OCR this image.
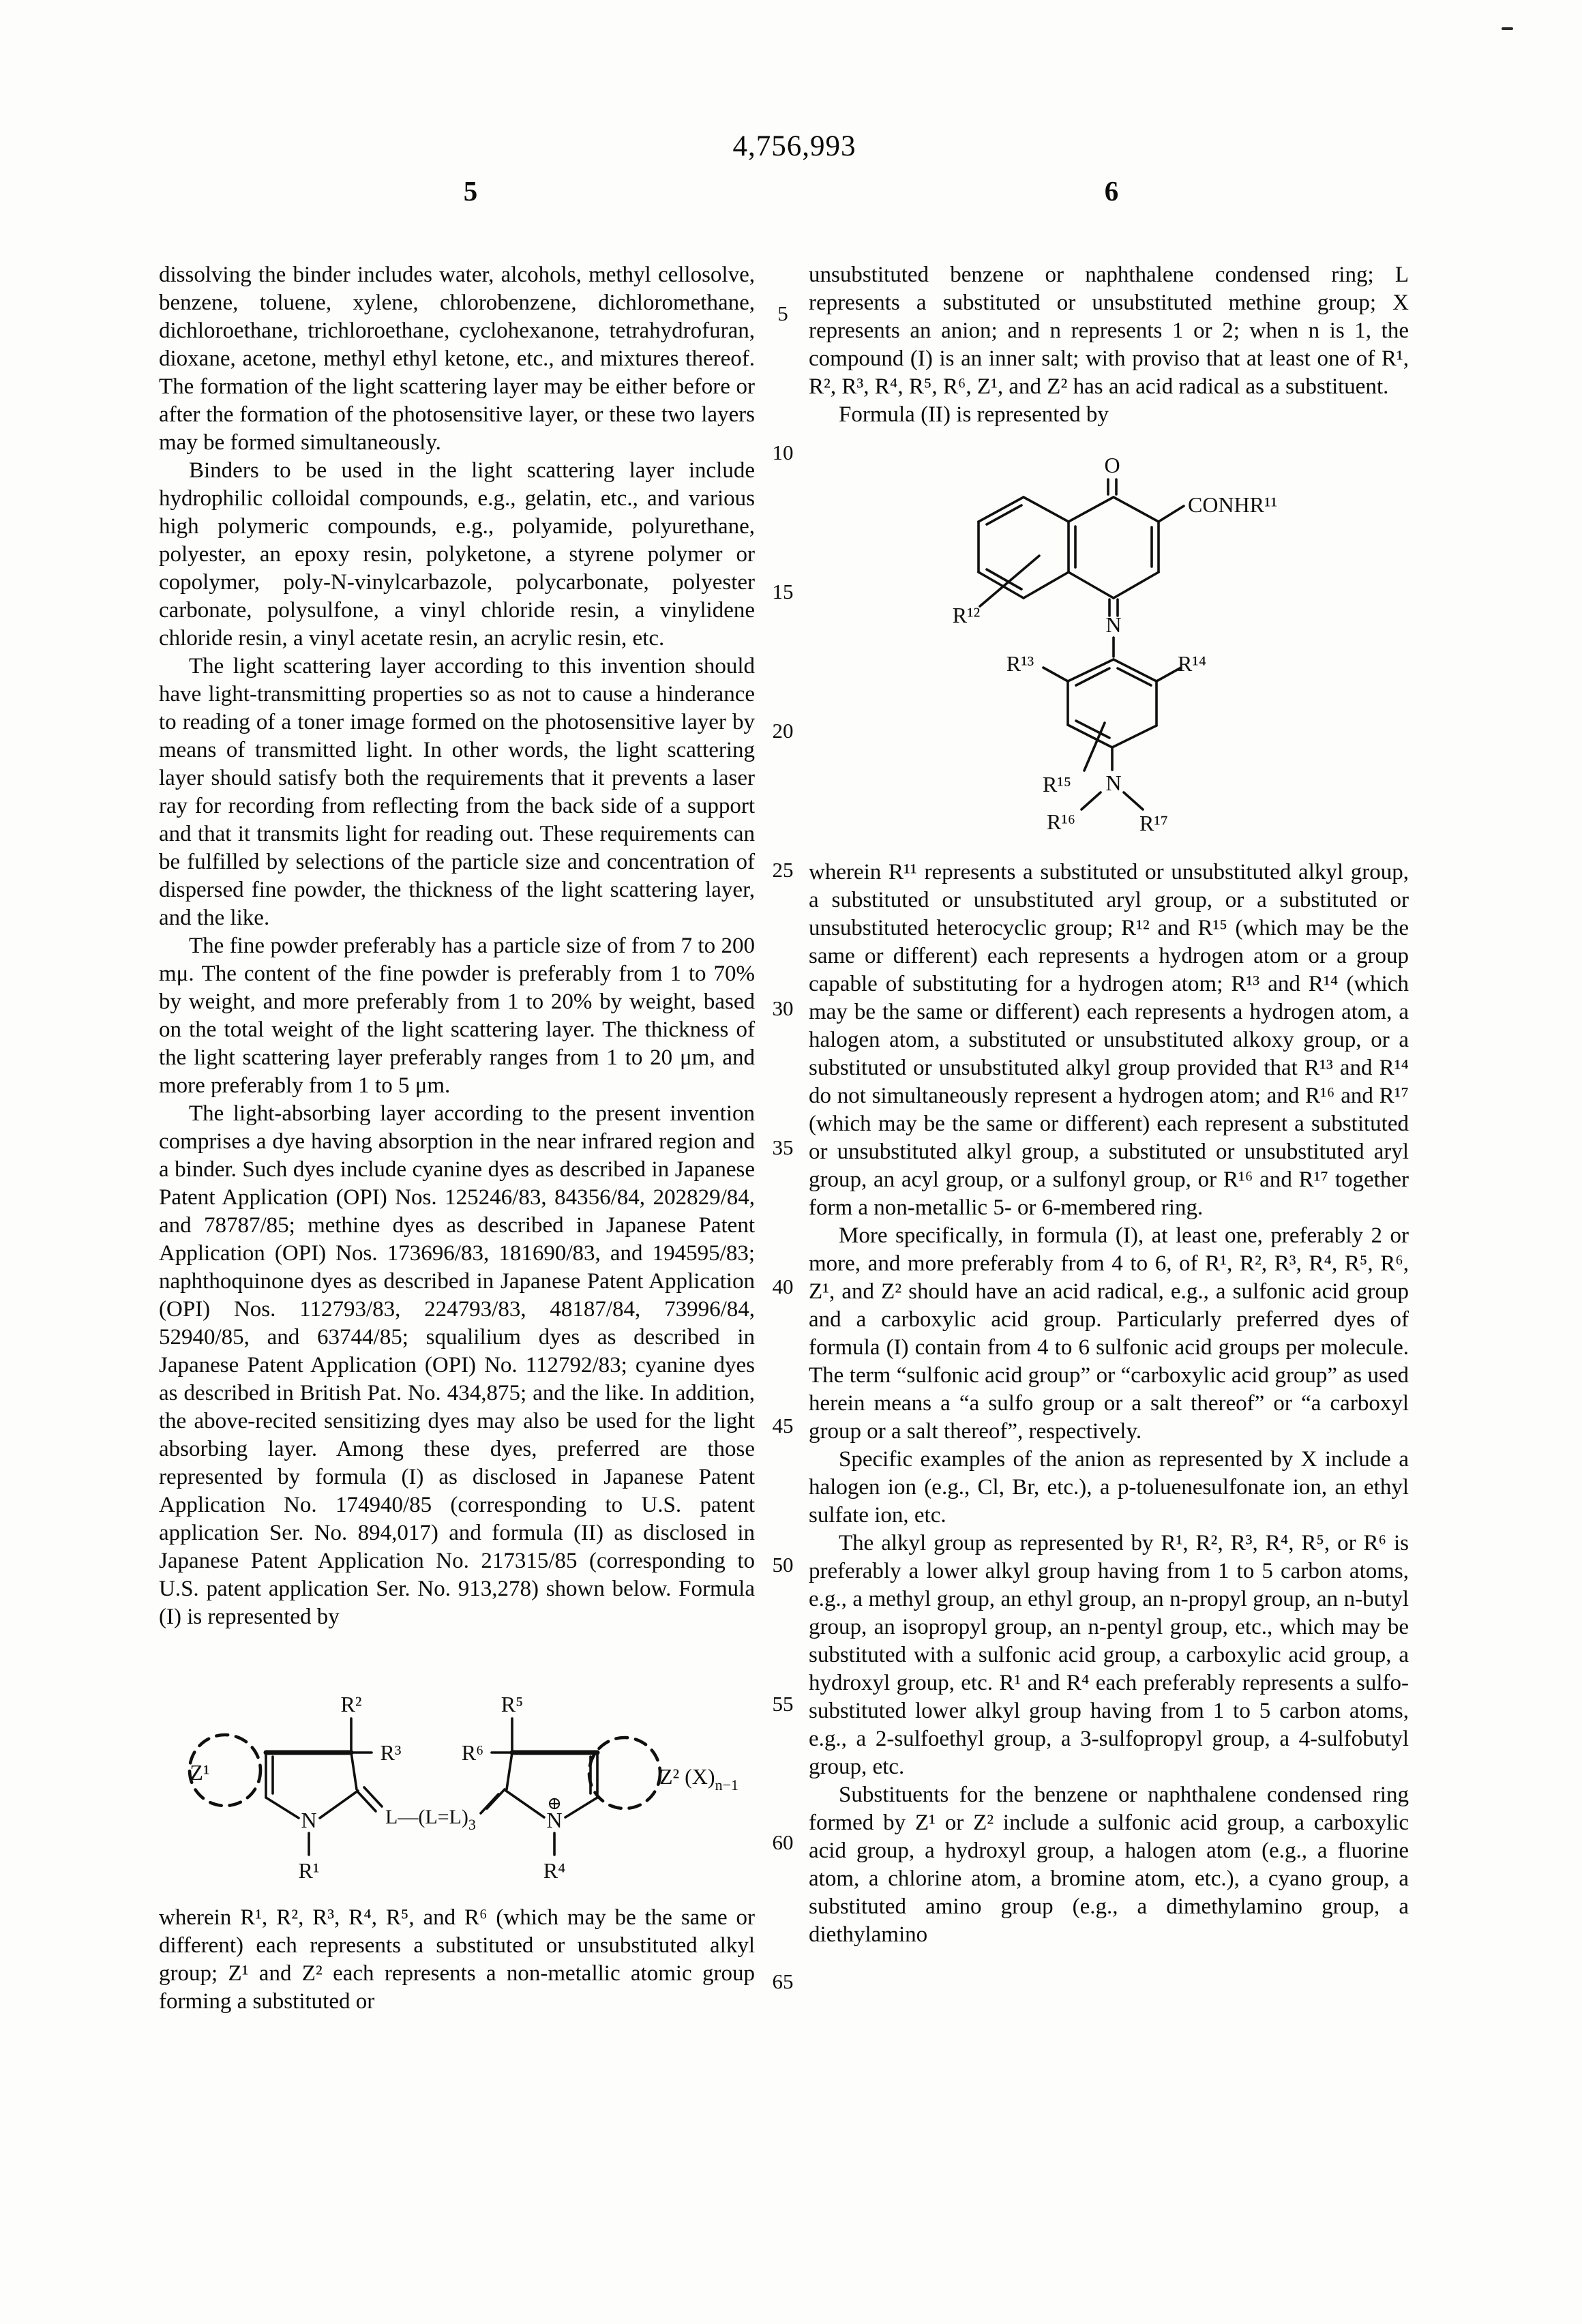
4,756,993
5	6
5
10
15
20
25
30
35
40
45
50
55
60
65

dissolving the binder includes water, alcohols, methyl cellosolve, benzene, toluene, xylene, chlorobenzene, dichloromethane, dichloroethane, trichloroethane, cyclohexanone, tetrahydrofuran, dioxane, acetone, methyl ethyl ketone, etc., and mixtures thereof. The formation of the light scattering layer may be either before or after the formation of the photosensitive layer, or these two layers may be formed simultaneously.

Binders to be used in the light scattering layer include hydrophilic colloidal compounds, e.g., gelatin, etc., and various high polymeric compounds, e.g., polyamide, polyurethane, polyester, an epoxy resin, polyketone, a styrene polymer or copolymer, poly-N-vinylcarbazole, polycarbonate, polyester carbonate, polysulfone, a vinyl chloride resin, a vinylidene chloride resin, a vinyl acetate resin, an acrylic resin, etc.

The light scattering layer according to this invention should have light-transmitting properties so as not to cause a hinderance to reading of a toner image formed on the photosensitive layer by means of transmitted light. In other words, the light scattering layer should satisfy both the requirements that it prevents a laser ray for recording from reflecting from the back side of a support and that it transmits light for reading out. These requirements can be fulfilled by selections of the particle size and concentration of dispersed fine powder, the thickness of the light scattering layer, and the like.

The fine powder preferably has a particle size of from 7 to 200 mμ. The content of the fine powder is preferably from 1 to 70% by weight, and more preferably from 1 to 20% by weight, based on the total weight of the light scattering layer. The thickness of the light scattering layer preferably ranges from 1 to 20 μm, and more preferably from 1 to 5 μm.

The light-absorbing layer according to the present invention comprises a dye having absorption in the near infrared region and a binder. Such dyes include cyanine dyes as described in Japanese Patent Application (OPI) Nos. 125246/83, 84356/84, 202829/84, and 78787/85; methine dyes as described in Japanese Patent Application (OPI) Nos. 173696/83, 181690/83, and 194595/83; naphthoquinone dyes as described in Japanese Patent Application (OPI) Nos. 112793/83, 224793/83, 48187/84, 73996/84, 52940/85, and 63744/85; squalilium dyes as described in Japanese Patent Application (OPI) No. 112792/83; cyanine dyes as described in British Pat. No. 434,875; and the like. In addition, the above-recited sensitizing dyes may also be used for the light absorbing layer. Among these dyes, preferred are those represented by formula (I) as disclosed in Japanese Patent Application No. 174940/85 (corresponding to U.S. patent application Ser. No. 894,017) and formula (II) as disclosed in Japanese Patent Application No. 217315/85 (corresponding to U.S. patent application Ser. No. 913,278) shown below. Formula (I) is represented by

Z¹
R²
R³
N
R¹
$L—(L=L)_3$
R⁵
R⁶
⊕
N
R⁴
Z² $(X)_{n-1}$

wherein R¹, R², R³, R⁴, R⁵, and R⁶ (which may be the same or different) each represents a substituted or unsubstituted alkyl group; Z¹ and Z² each represents a non-metallic atomic group forming a substituted or

unsubstituted benzene or naphthalene condensed ring; L represents a substituted or unsubstituted methine group; X represents an anion; and n represents 1 or 2; when n is 1, the compound (I) is an inner salt; with proviso that at least one of R¹, R², R³, R⁴, R⁵, R⁶, Z¹, and Z² has an acid radical as a substituent.

Formula (II) is represented by

O
CONHR¹¹
R¹²	N
R¹³	R¹⁴
R¹⁵ N
R¹⁶	R¹⁷

wherein R¹¹ represents a substituted or unsubstituted alkyl group, a substituted or unsubstituted aryl group, or a substituted or unsubstituted heterocyclic group; R¹² and R¹⁵ (which may be the same or different) each represents a hydrogen atom or a group capable of substituting for a hydrogen atom; R¹³ and R¹⁴ (which may be the same or different) each represents a hydrogen atom, a halogen atom, a substituted or unsubstituted alkoxy group, or a substituted or unsubstituted alkyl group provided that R¹³ and R¹⁴ do not simultaneously represent a hydrogen atom; and R¹⁶ and R¹⁷ (which may be the same or different) each represent a substituted or unsubstituted alkyl group, a substituted or unsubstituted aryl group, an acyl group, or a sulfonyl group, or R¹⁶ and R¹⁷ together form a non-metallic 5- or 6-membered ring.

More specifically, in formula (I), at least one, preferably 2 or more, and more preferably from 4 to 6, of R¹, R², R³, R⁴, R⁵, R⁶, Z¹, and Z² should have an acid radical, e.g., a sulfonic acid group and a carboxylic acid group. Particularly preferred dyes of formula (I) contain from 4 to 6 sulfonic acid groups per molecule. The term “sulfonic acid group” or “carboxylic acid group” as used herein means a “a sulfo group or a salt thereof” or “a carboxyl group or a salt thereof”, respectively.

Specific examples of the anion as represented by X include a halogen ion (e.g., Cl, Br, etc.), a p-toluenesulfonate ion, an ethyl sulfate ion, etc.

The alkyl group as represented by R¹, R², R³, R⁴, R⁵, or R⁶ is preferably a lower alkyl group having from 1 to 5 carbon atoms, e.g., a methyl group, an ethyl group, an n-propyl group, an n-butyl group, an isopropyl group, an n-pentyl group, etc., which may be substituted with a sulfonic acid group, a carboxylic acid group, a hydroxyl group, etc. R¹ and R⁴ each preferably represents a sulfo-substituted lower alkyl group having from 1 to 5 carbon atoms, e.g., a 2-sulfoethyl group, a 3-sulfopropyl group, a 4-sulfobutyl group, etc.

Substituents for the benzene or naphthalene condensed ring formed by Z¹ or Z² include a sulfonic acid group, a carboxylic acid group, a hydroxyl group, a halogen atom (e.g., a fluorine atom, a chlorine atom, a bromine atom, etc.), a cyano group, a substituted amino group (e.g., a dimethylamino group, a diethylamino
